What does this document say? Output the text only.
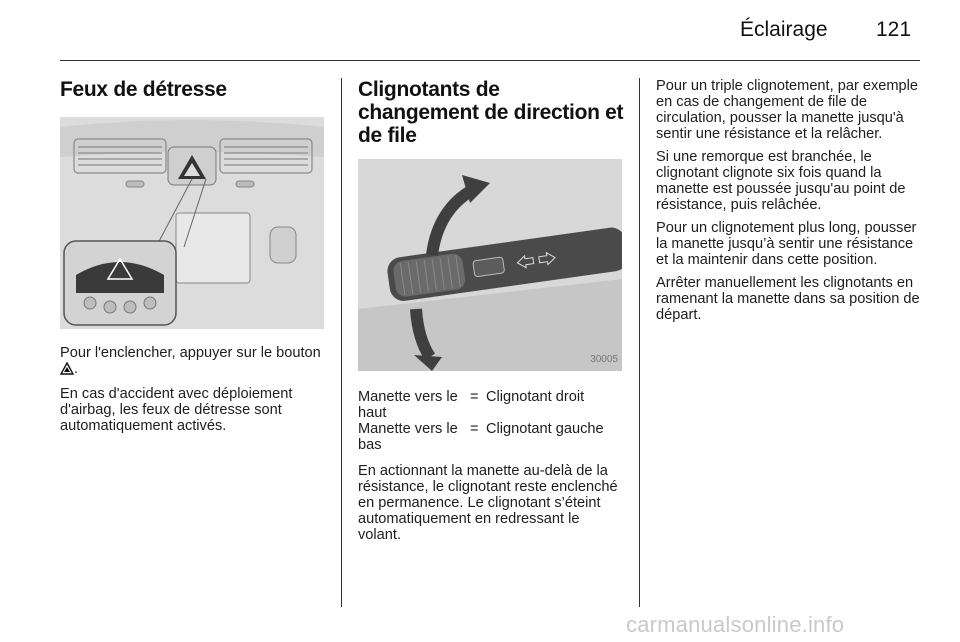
Éclairage 121
Feux de détresse

Pour l'enclencher, appuyer sur le bouton .

En cas d'accident avec déploiement d'airbag, les feux de détresse sont automatiquement activés.

Clignotants de changement de direction et de file
30005
Manette vers le haut	=	Clignotant droit
Manette vers le bas	=	Clignotant gauche

En actionnant la manette au-delà de la résistance, le clignotant reste enclenché en permanence. Le clignotant s’éteint automatiquement en redressant le volant.

Pour un triple clignotement, par exemple en cas de changement de file de circulation, pousser la manette jusqu'à sentir une résistance et la relâcher.

Si une remorque est branchée, le clignotant clignote six fois quand la manette est poussée jusqu'au point de résistance, puis relâchée.

Pour un clignotement plus long, pousser la manette jusqu’à sentir une résistance et la maintenir dans cette position.

Arrêter manuellement les clignotants en ramenant la manette dans sa position de départ.

carmanualsonline.info
